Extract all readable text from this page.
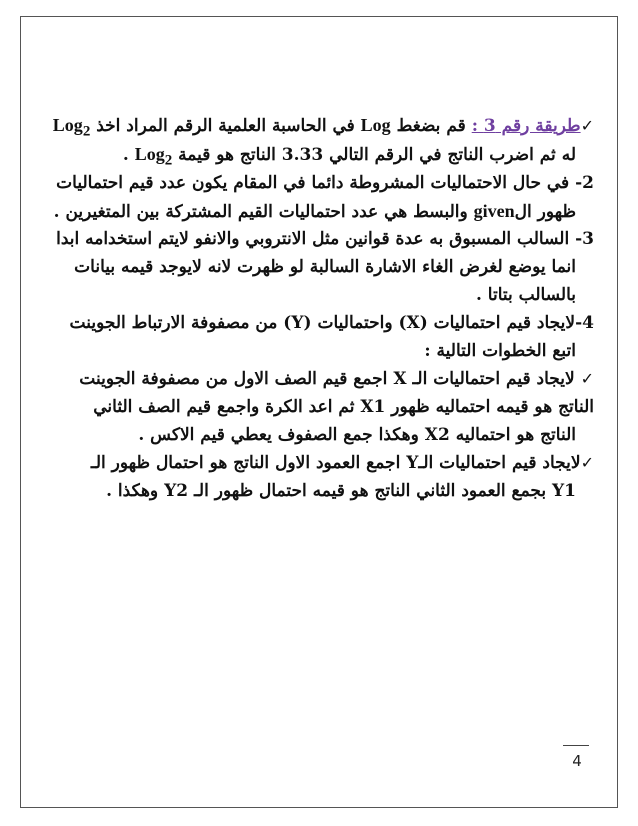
✓طريقة رقم 3 : قم بضغط Log في الحاسبة العلمية الرقم المراد اخذ Log$_2$
له ثم اضرب الناتج في الرقم التالي 3.33 الناتج هو قيمة Log$_2$ .
2- في حال الاحتماليات المشروطة دائما في المقام يكون عدد قيم احتماليات
ظهور الgiven والبسط هي عدد احتماليات القيم المشتركة بين المتغيرين .
3- السالب المسبوق به عدة قوانين مثل الانتروبي والانفو لايتم استخدامه ابدا
انما يوضع لغرض الغاء الاشارة السالبة لو ظهرت لانه لايوجد قيمه بيانات
بالسالب بتاتا .
4-لايجاد قيم احتماليات (X) واحتماليات (Y) من مصفوفة الارتباط الجوينت
اتبع الخطوات التالية :
✓ لايجاد قيم احتماليات الـ X اجمع قيم الصف الاول من مصفوفة الجوينت
الناتج هو قيمه احتماليه ظهور X1 ثم اعد الكرة واجمع قيم الصف الثاني
الناتج هو احتماليه X2 وهكذا جمع الصفوف يعطي قيم الاكس .
✓لايجاد قيم احتماليات الـY اجمع العمود الاول الناتج هو احتمال ظهور الـ
Y1 بجمع العمود الثاني الناتج هو قيمه احتمال ظهور الـ Y2 وهكذا .
4
